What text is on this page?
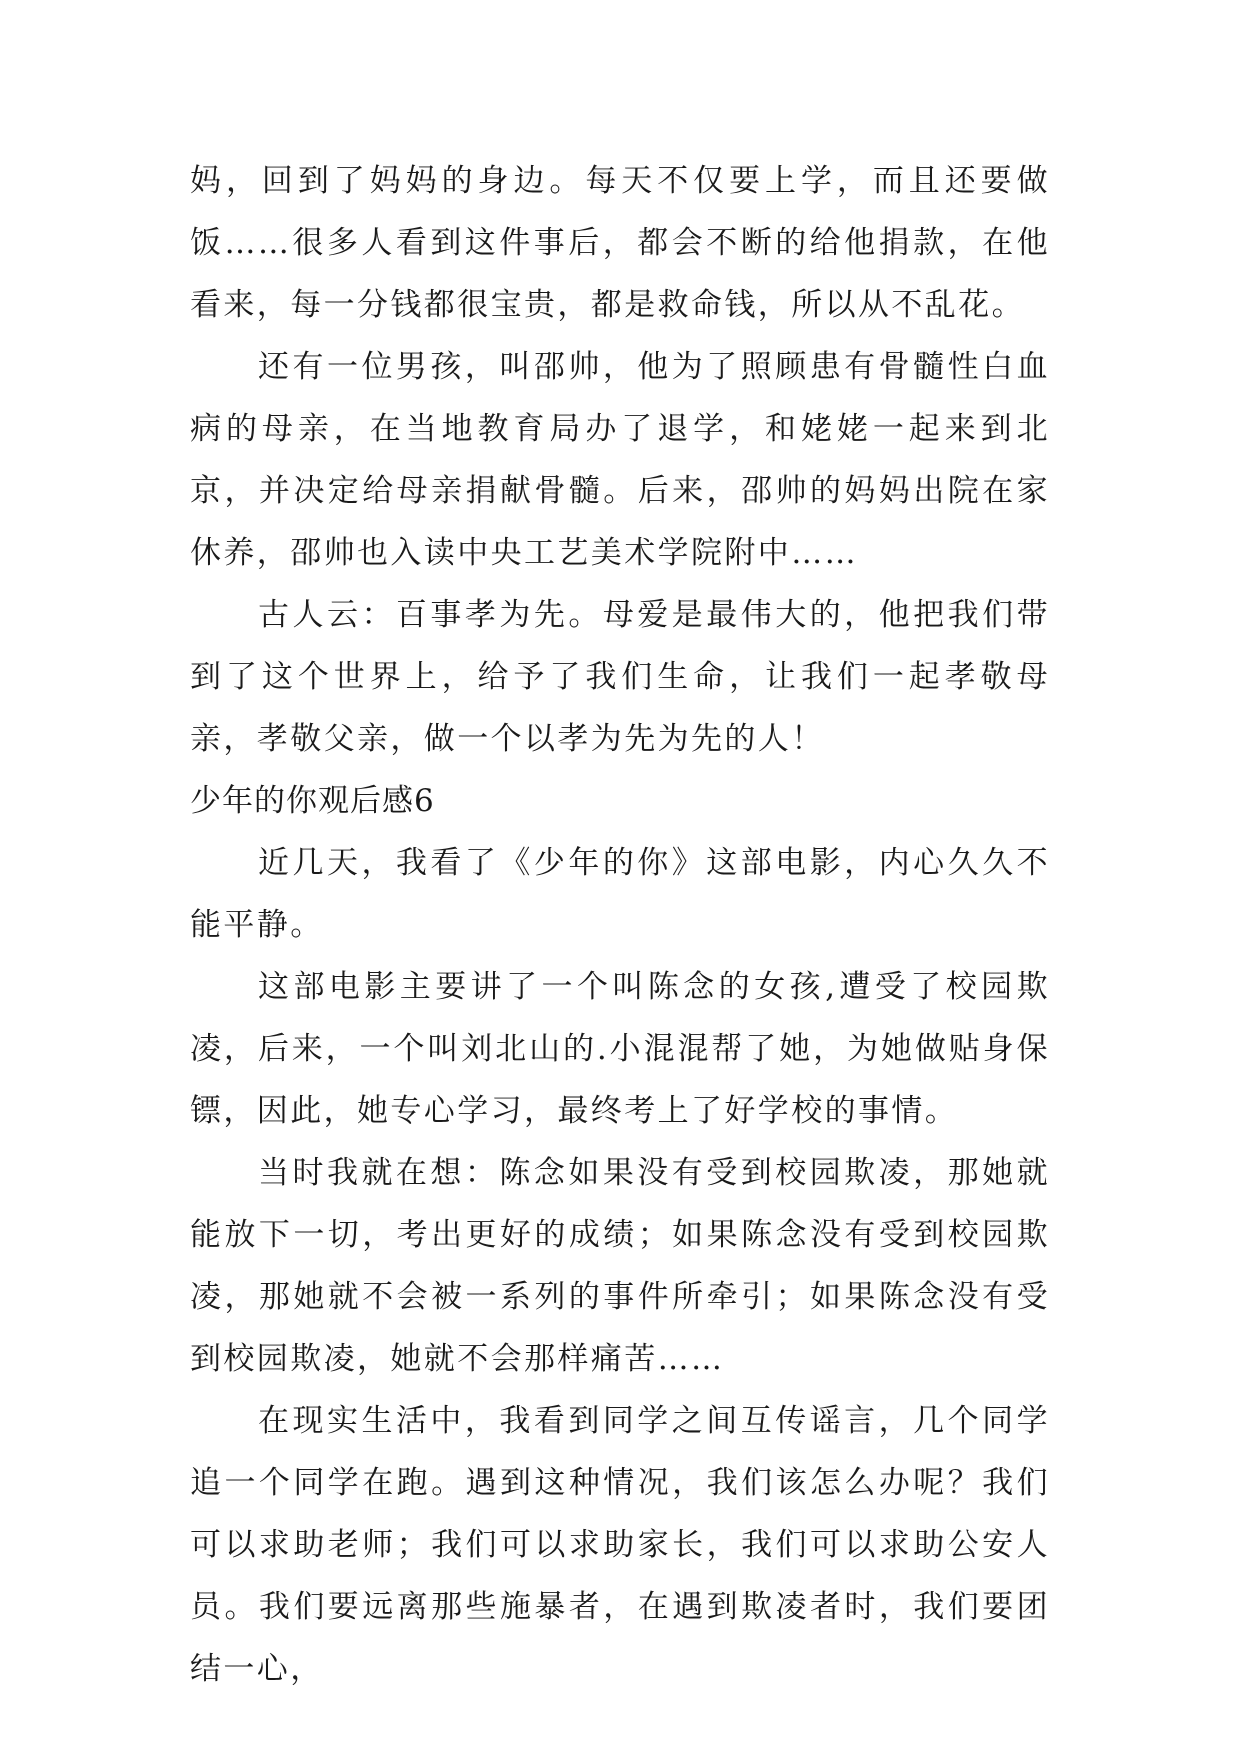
妈，回到了妈妈的身边。每天不仅要上学，而且还要做饭……很多人看到这件事后，都会不断的给他捐款，在他看来，每一分钱都很宝贵，都是救命钱，所以从不乱花。

还有一位男孩，叫邵帅，他为了照顾患有骨髓性白血病的母亲，在当地教育局办了退学，和姥姥一起来到北京，并决定给母亲捐献骨髓。后来，邵帅的妈妈出院在家休养，邵帅也入读中央工艺美术学院附中……

古人云：百事孝为先。母爱是最伟大的，他把我们带到了这个世界上，给予了我们生命，让我们一起孝敬母亲，孝敬父亲，做一个以孝为先为先的人！

少年的你观后感6

近几天，我看了《少年的你》这部电影，内心久久不能平静。

这部电影主要讲了一个叫陈念的女孩,遭受了校园欺凌，后来，一个叫刘北山的.小混混帮了她，为她做贴身保镖，因此，她专心学习，最终考上了好学校的事情。

当时我就在想：陈念如果没有受到校园欺凌，那她就能放下一切，考出更好的成绩；如果陈念没有受到校园欺凌，那她就不会被一系列的事件所牵引；如果陈念没有受到校园欺凌，她就不会那样痛苦……

在现实生活中，我看到同学之间互传谣言，几个同学追一个同学在跑。遇到这种情况，我们该怎么办呢？我们可以求助老师；我们可以求助家长，我们可以求助公安人员。我们要远离那些施暴者，在遇到欺凌者时，我们要团结一心，
